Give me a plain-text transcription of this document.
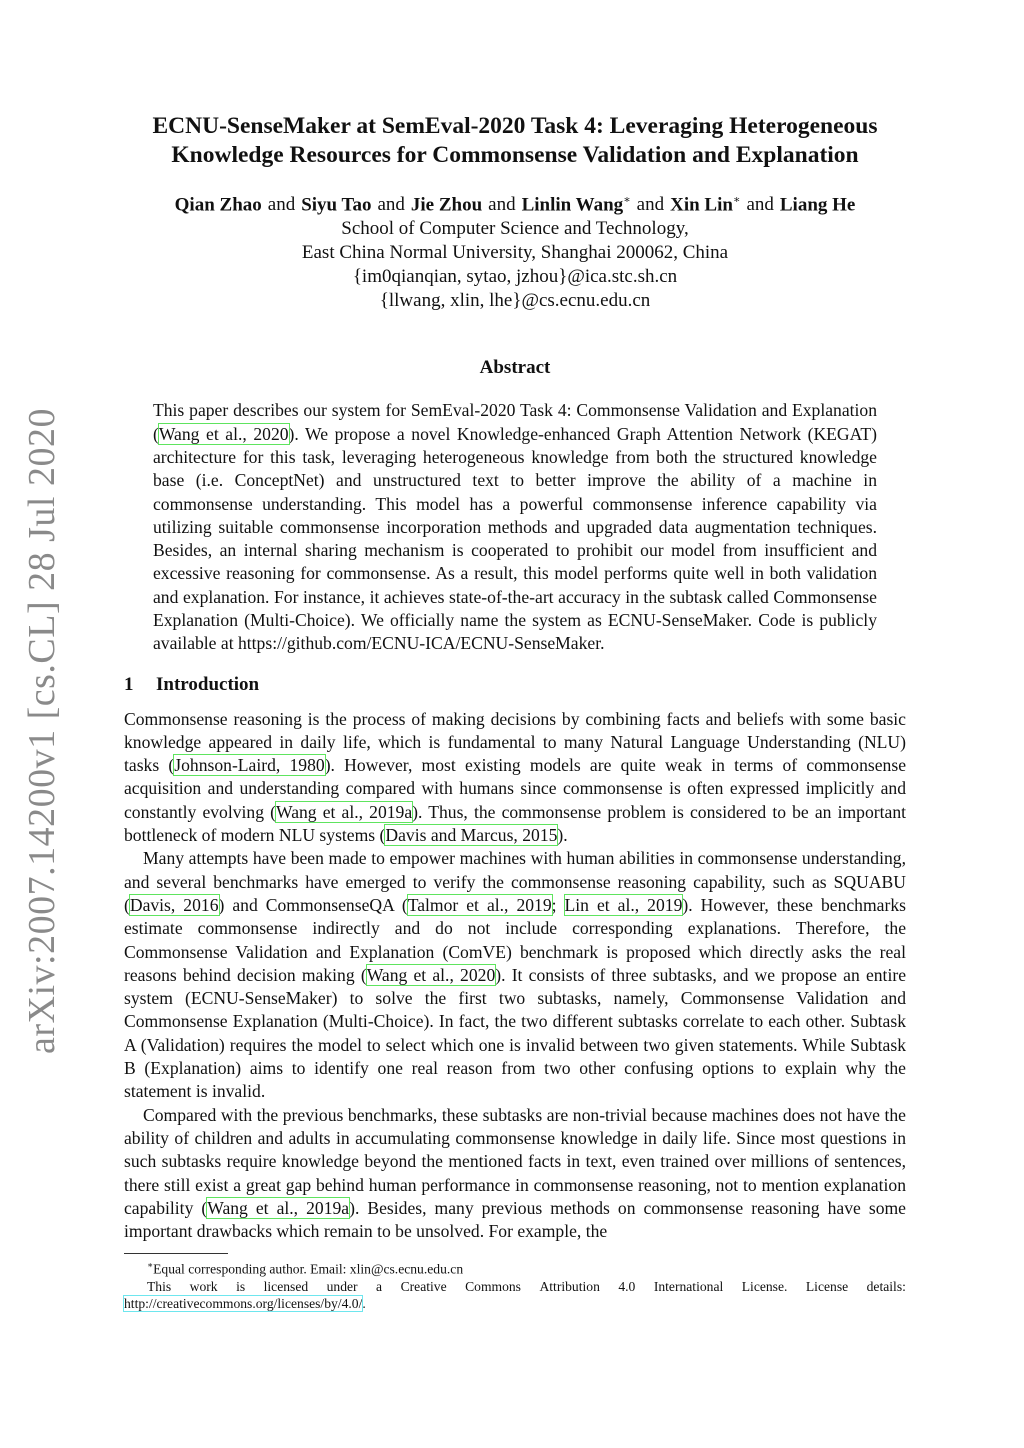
arXiv:2007.14200v1 [cs.CL] 28 Jul 2020
ECNU-SenseMaker at SemEval-2020 Task 4: Leveraging Heterogeneous
Knowledge Resources for Commonsense Validation and Explanation
Qian Zhao and Siyu Tao and Jie Zhou and Linlin Wang∗ and Xin Lin∗ and Liang He
School of Computer Science and Technology,
East China Normal University, Shanghai 200062, China
{im0qianqian, sytao, jzhou}@ica.stc.sh.cn
{llwang, xlin, lhe}@cs.ecnu.edu.cn
Abstract

This paper describes our system for SemEval-2020 Task 4: Commonsense Validation and Explanation (Wang et al., 2020). We propose a novel Knowledge-enhanced Graph Attention Network (KEGAT) architecture for this task, leveraging heterogeneous knowledge from both the structured knowledge base (i.e. ConceptNet) and unstructured text to better improve the ability of a machine in commonsense understanding. This model has a powerful commonsense inference capability via utilizing suitable commonsense incorporation methods and upgraded data augmentation techniques. Besides, an internal sharing mechanism is cooperated to prohibit our model from insufficient and excessive reasoning for commonsense. As a result, this model performs quite well in both validation and explanation. For instance, it achieves state-of-the-art accuracy in the subtask called Commonsense Explanation (Multi-Choice). We officially name the system as ECNU-SenseMaker. Code is publicly available at https://github.com/ECNU-ICA/ECNU-SenseMaker.

1 Introduction

Commonsense reasoning is the process of making decisions by combining facts and beliefs with some basic knowledge appeared in daily life, which is fundamental to many Natural Language Understanding (NLU) tasks (Johnson-Laird, 1980). However, most existing models are quite weak in terms of commonsense acquisition and understanding compared with humans since commonsense is often expressed implicitly and constantly evolving (Wang et al., 2019a). Thus, the commonsense problem is considered to be an important bottleneck of modern NLU systems (Davis and Marcus, 2015).

Many attempts have been made to empower machines with human abilities in commonsense understanding, and several benchmarks have emerged to verify the commonsense reasoning capability, such as SQUABU (Davis, 2016) and CommonsenseQA (Talmor et al., 2019; Lin et al., 2019). However, these benchmarks estimate commonsense indirectly and do not include corresponding explanations. Therefore, the Commonsense Validation and Explanation (ComVE) benchmark is proposed which directly asks the real reasons behind decision making (Wang et al., 2020). It consists of three subtasks, and we propose an entire system (ECNU-SenseMaker) to solve the first two subtasks, namely, Commonsense Validation and Commonsense Explanation (Multi-Choice). In fact, the two different subtasks correlate to each other. Subtask A (Validation) requires the model to select which one is invalid between two given statements. While Subtask B (Explanation) aims to identify one real reason from two other confusing options to explain why the statement is invalid.

Compared with the previous benchmarks, these subtasks are non-trivial because machines does not have the ability of children and adults in accumulating commonsense knowledge in daily life. Since most questions in such subtasks require knowledge beyond the mentioned facts in text, even trained over millions of sentences, there still exist a great gap behind human performance in commonsense reasoning, not to mention explanation capability (Wang et al., 2019a). Besides, many previous methods on commonsense reasoning have some important drawbacks which remain to be unsolved. For example, the

∗Equal corresponding author. Email: xlin@cs.ecnu.edu.cn
This work is licensed under a Creative Commons Attribution 4.0 International License. License details:
http://creativecommons.org/licenses/by/4.0/.
